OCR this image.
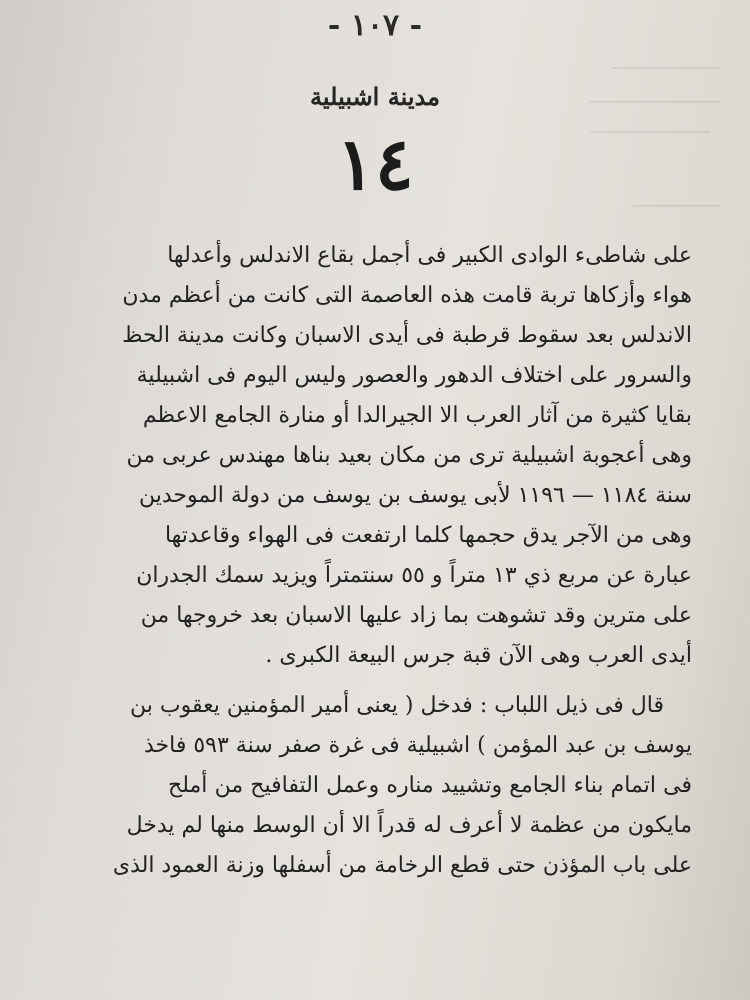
──────────
────────────
───────────
────────
- ١٠٧ -
مدينة اشبيلية
١٤
على شاطىء الوادى الكبير فى أجمل بقاع الاندلس وأعدلها
هواء وأزكاها تربة قامت هذه العاصمة التى كانت من أعظم مدن
الاندلس بعد سقوط قرطبة فى أيدى الاسبان وكانت مدينة الحظ
والسرور على اختلاف الدهور والعصور وليس اليوم فى اشبيلية
بقايا كثيرة من آثار العرب الا الجيرالدا أو منارة الجامع الاعظم
وهى أعجوبة اشبيلية ترى من مكان بعيد بناها مهندس عربى من
سنة ١١٨٤ — ١١٩٦ لأبى يوسف بن يوسف من دولة الموحدين
وهى من الآجر يدق حجمها كلما ارتفعت فى الهواء وقاعدتها
عبارة عن مربع ذي ١٣ متراً و ٥٥ سنتمتراً ويزيد سمك الجدران
على مترين وقد تشوهت بما زاد عليها الاسبان بعد خروجها من
أيدى العرب وهى الآن قبة جرس البيعة الكبرى .
قال فى ذيل اللباب : فدخل ( يعنى أمير المؤمنين يعقوب بن
يوسف بن عبد المؤمن ) اشبيلية فى غرة صفر سنة ٥٩٣ فاخذ
فى اتمام بناء الجامع وتشييد مناره وعمل التفافيح من أملح
مايكون من عظمة لا أعرف له قدراً الا أن الوسط منها لم يدخل
على باب المؤذن حتى قطع الرخامة من أسفلها وزنة العمود الذى
